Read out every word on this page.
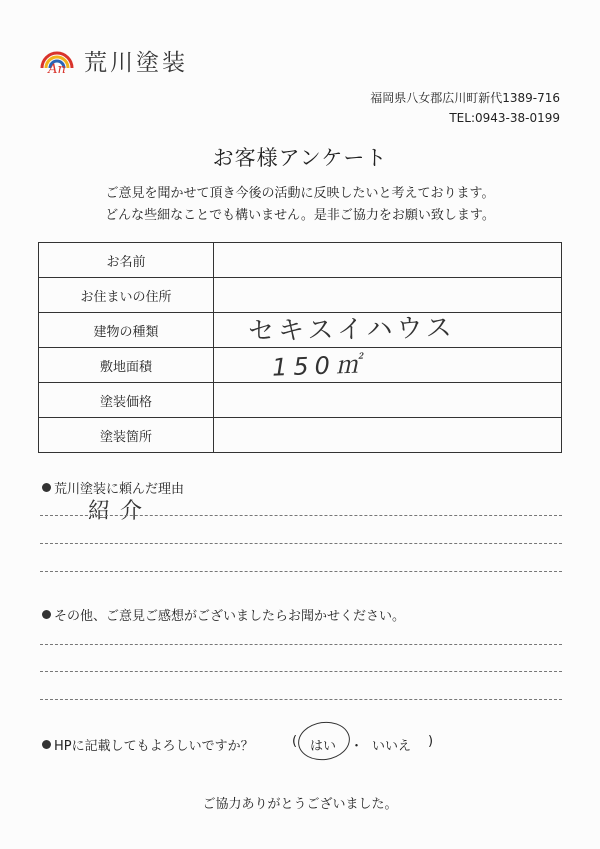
An 荒川塗装
福岡県八女郡広川町新代1389-716
TEL:0943-38-0199
お客様アンケート
ご意見を聞かせて頂き今後の活動に反映したいと考えております。
どんな些細なことでも構いません。是非ご協力をお願い致します。
お名前	
お住まいの住所	
建物の種類	セキスイハウス

敷地面積	150㎡

塗装価格	
塗装箇所	
荒川塗装に頼んだ理由
紹介
その他、ご意見ご感想がございましたらお聞かせください。
HPに記載してもよろしいですか？	( はい ・ いいえ )
ご協力ありがとうございました。
